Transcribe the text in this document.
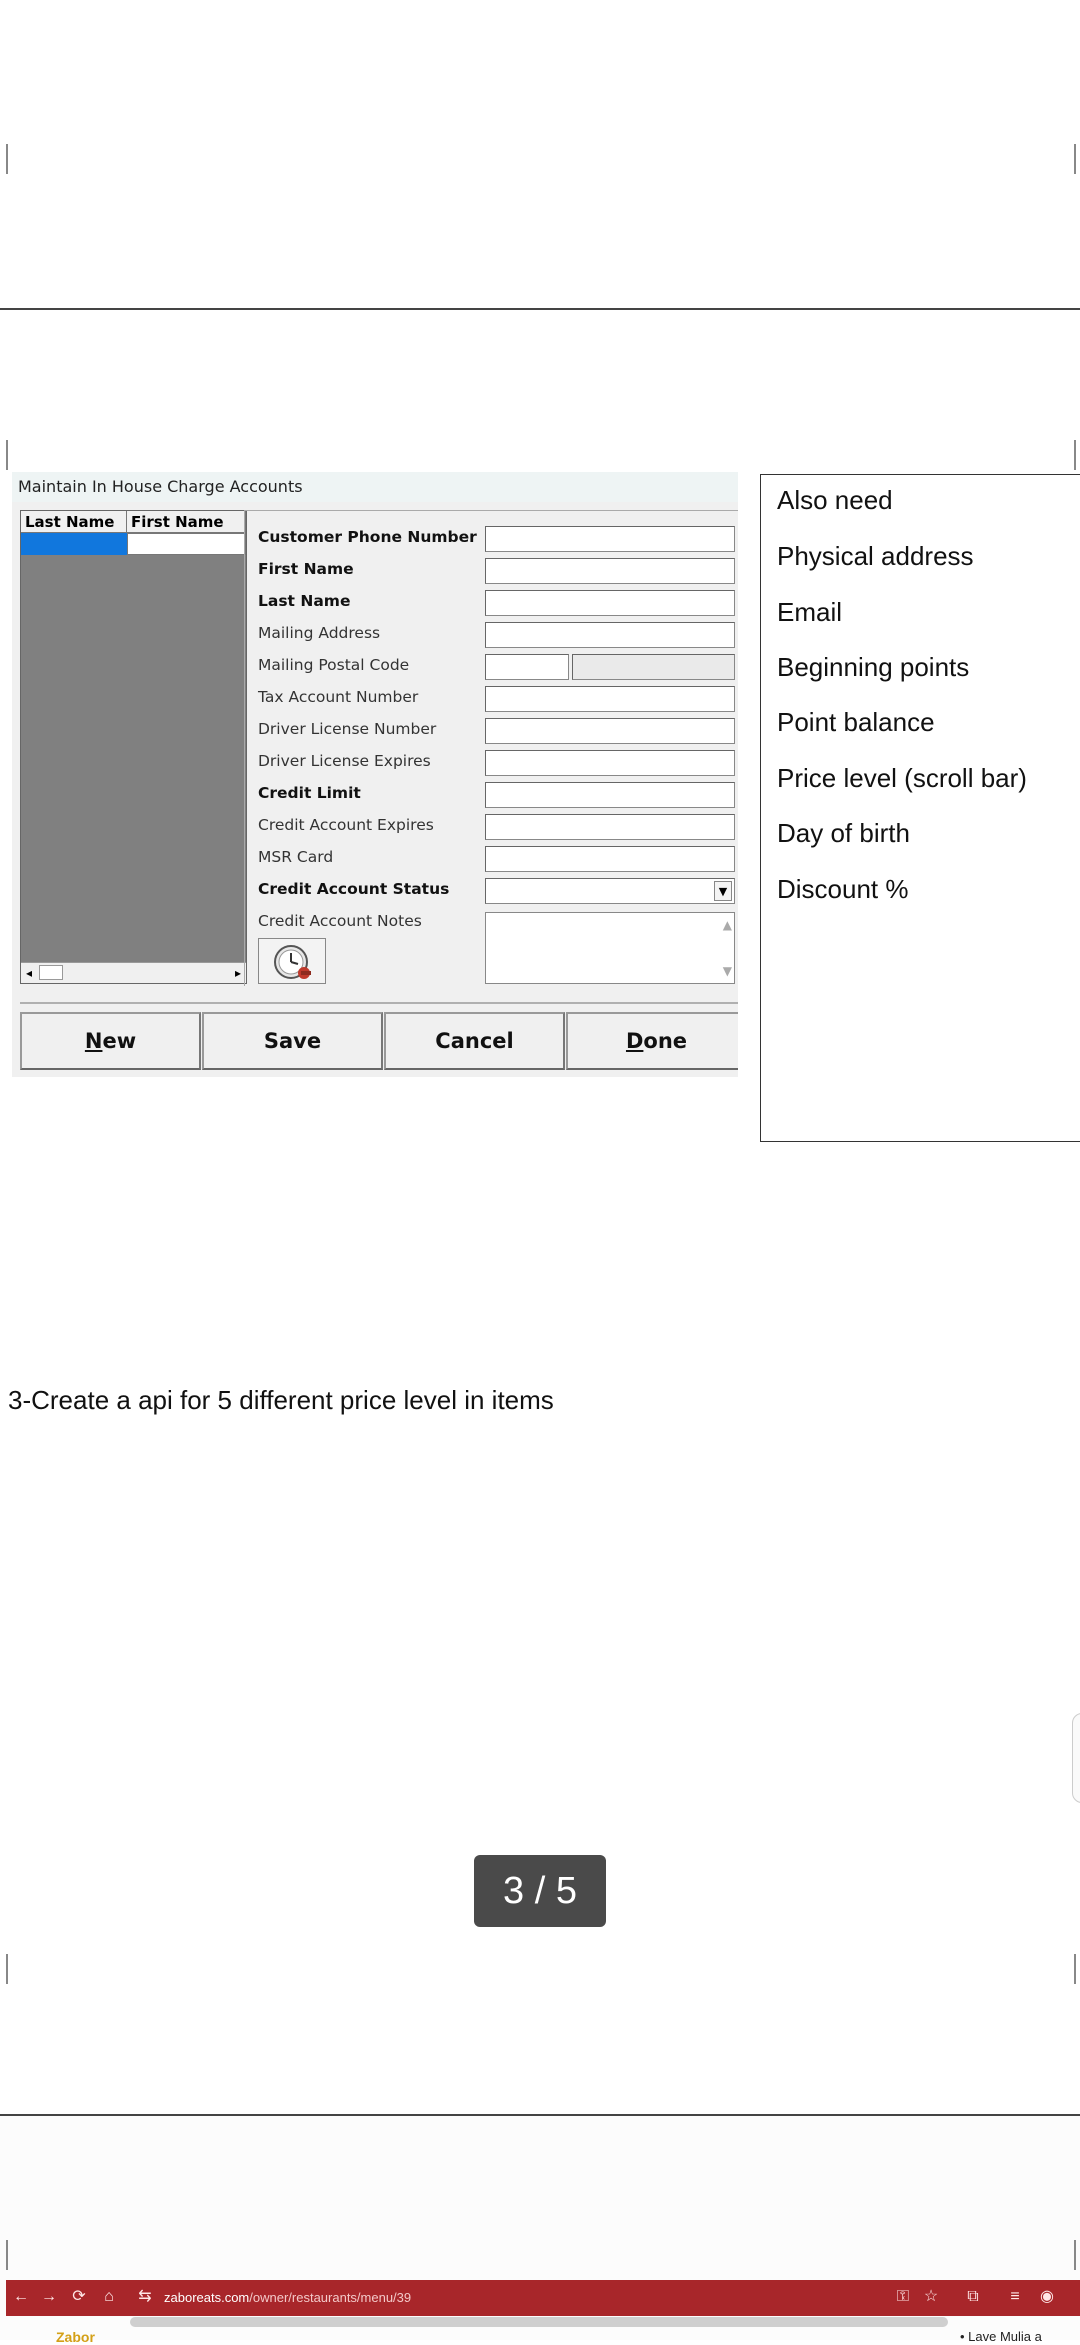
Maintain In House Charge Accounts
Last Name	First Name
◂	▸
Customer Phone Number
First Name
Last Name
Mailing Address
Mailing Postal Code
Tax Account Number
Driver License Number
Driver License Expires
Credit Limit
Credit Account Expires
MSR Card
Credit Account Status	▼
Credit Account Notes	▲
▼
New	Save	Cancel	Done
Also need
Physical address
Email
Beginning points
Point balance
Price level (scroll bar)
Day of birth
Discount %
3-Create a api for 5 different price level in items
3 / 5
← → ⟳	⌂	⇆ zaboreats.com/owner/restaurants/menu/39	⚿ ☆	⧉	≡	◉
Zabor	• Lave Mulia a
